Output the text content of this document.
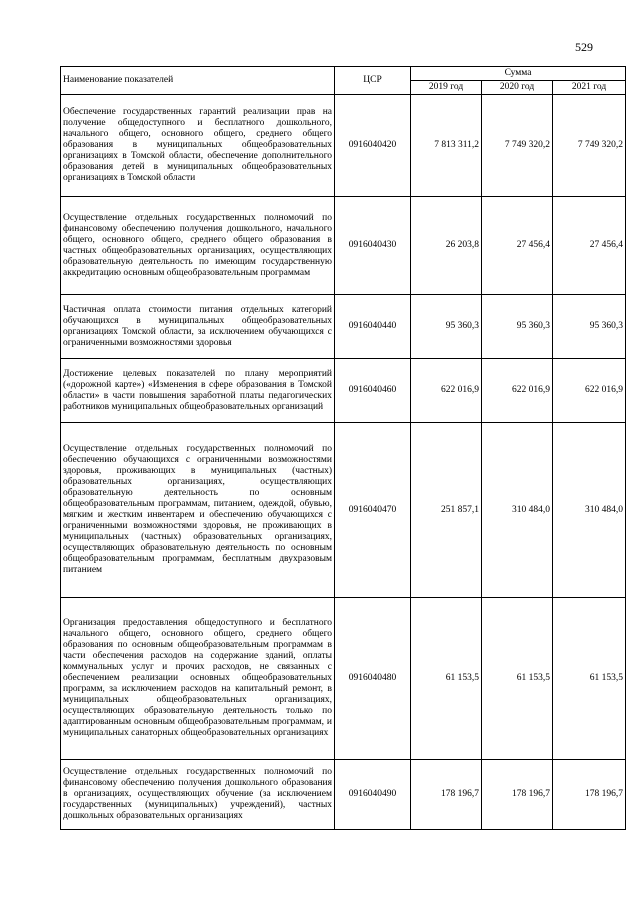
529
Наименование показателей	ЦСР	Сумма		
		2019 год	2020 год	2021 год
Обеспечение государственных гарантий реализации прав на получение общедоступного и бесплатного дошкольного, начального общего, основного общего, среднего общего образования в муниципальных общеобразовательных организациях в Томской области, обеспечение дополнительного образования детей в муниципальных общеобразовательных организациях в Томской области	0916040420	7 813 311,2	7 749 320,2	7 749 320,2
Осуществление отдельных государственных полномочий по финансовому обеспечению получения дошкольного, начального общего, основного общего, среднего общего образования в частных общеобразовательных организациях, осуществляющих образовательную деятельность по имеющим государственную аккредитацию основным общеобразовательным программам	0916040430	26 203,8	27 456,4	27 456,4
Частичная оплата стоимости питания отдельных категорий обучающихся в муниципальных общеобразовательных организациях Томской области, за исключением обучающихся с ограниченными возможностями здоровья	0916040440	95 360,3	95 360,3	95 360,3
Достижение целевых показателей по плану мероприятий («дорожной карте») «Изменения в сфере образования в Томской области» в части повышения заработной платы педагогических работников муниципальных общеобразовательных организаций	0916040460	622 016,9	622 016,9	622 016,9
Осуществление отдельных государственных полномочий по обеспечению обучающихся с ограниченными возможностями здоровья, проживающих в муниципальных (частных) образовательных организациях, осуществляющих образовательную деятельность по основным общеобразовательным программам, питанием, одеждой, обувью, мягким и жестким инвентарем и обеспечению обучающихся с ограниченными возможностями здоровья, не проживающих в муниципальных (частных) образовательных организациях, осуществляющих образовательную деятельность по основным общеобразовательным программам, бесплатным двухразовым питанием	0916040470	251 857,1	310 484,0	310 484,0
Организация предоставления общедоступного и бесплатного начального общего, основного общего, среднего общего образования по основным общеобразовательным программам в части обеспечения расходов на содержание зданий, оплаты коммунальных услуг и прочих расходов, не связанных с обеспечением реализации основных общеобразовательных программ, за исключением расходов на капитальный ремонт, в муниципальных общеобразовательных организациях, осуществляющих образовательную деятельность только по адаптированным основным общеобразовательным программам, и муниципальных санаторных общеобразовательных организациях	0916040480	61 153,5	61 153,5	61 153,5
Осуществление отдельных государственных полномочий по финансовому обеспечению получения дошкольного образования в организациях, осуществляющих обучение (за исключением государственных (муниципальных) учреждений), частных дошкольных образовательных организациях	0916040490	178 196,7	178 196,7	178 196,7
